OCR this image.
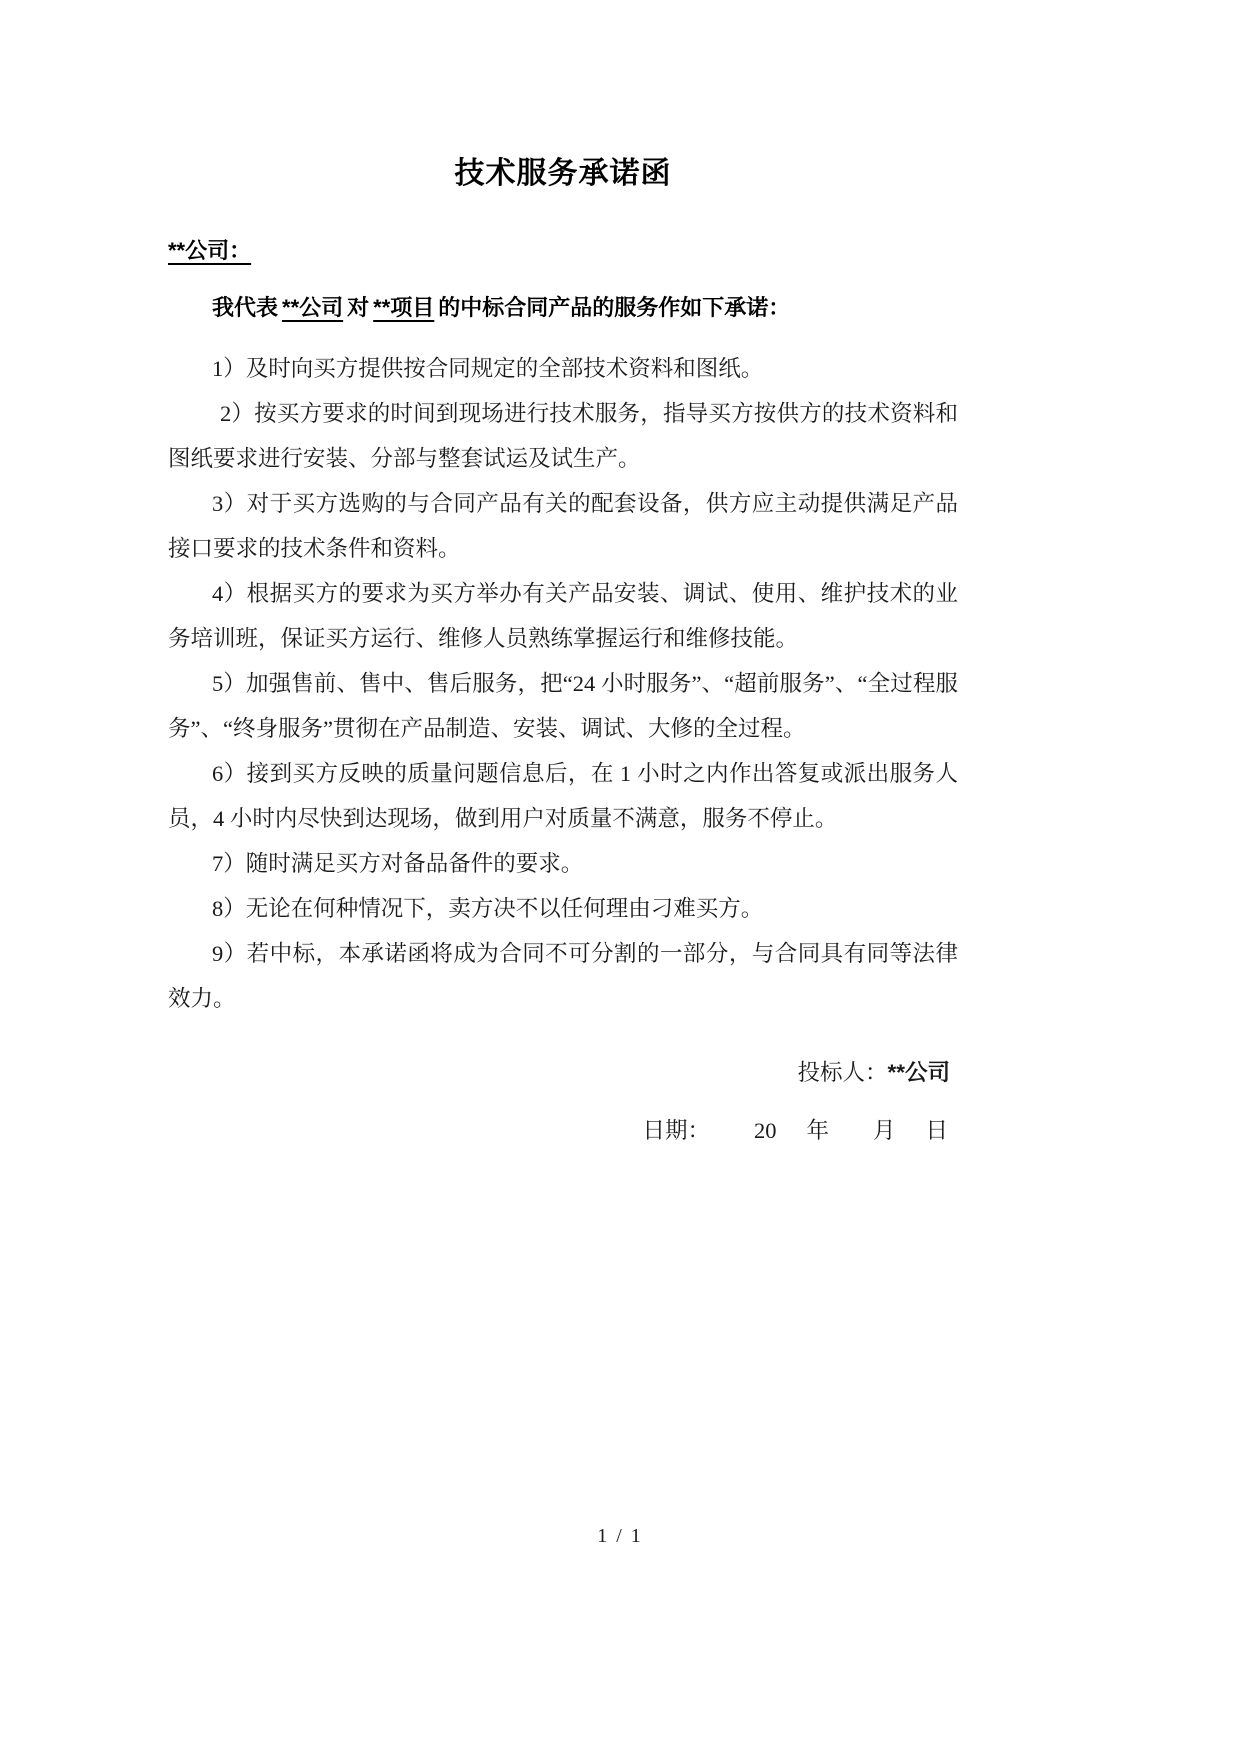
技术服务承诺函
**公司：

我代表 **公司 对 **项目 的中标合同产品的服务作如下承诺：

1）及时向买方提供按合同规定的全部技术资料和图纸。

2）按买方要求的时间到现场进行技术服务，指导买方按供方的技术资料和图纸要求进行安装、分部与整套试运及试生产。

3）对于买方选购的与合同产品有关的配套设备，供方应主动提供满足产品接口要求的技术条件和资料。

4）根据买方的要求为买方举办有关产品安装、调试、使用、维护技术的业务培训班，保证买方运行、维修人员熟练掌握运行和维修技能。

5）加强售前、售中、售后服务，把“24 小时服务”、“超前服务”、“全过程服务”、“终身服务”贯彻在产品制造、安装、调试、大修的全过程。

6）接到买方反映的质量问题信息后，在 1 小时之内作出答复或派出服务人员，4 小时内尽快到达现场，做到用户对质量不满意，服务不停止。

7）随时满足买方对备品备件的要求。

8）无论在何种情况下，卖方决不以任何理由刁难买方。

9）若中标，本承诺函将成为合同不可分割的一部分，与合同具有同等法律效力。

投标人：**公司
日期： 20 年 月 日
1 / 1
